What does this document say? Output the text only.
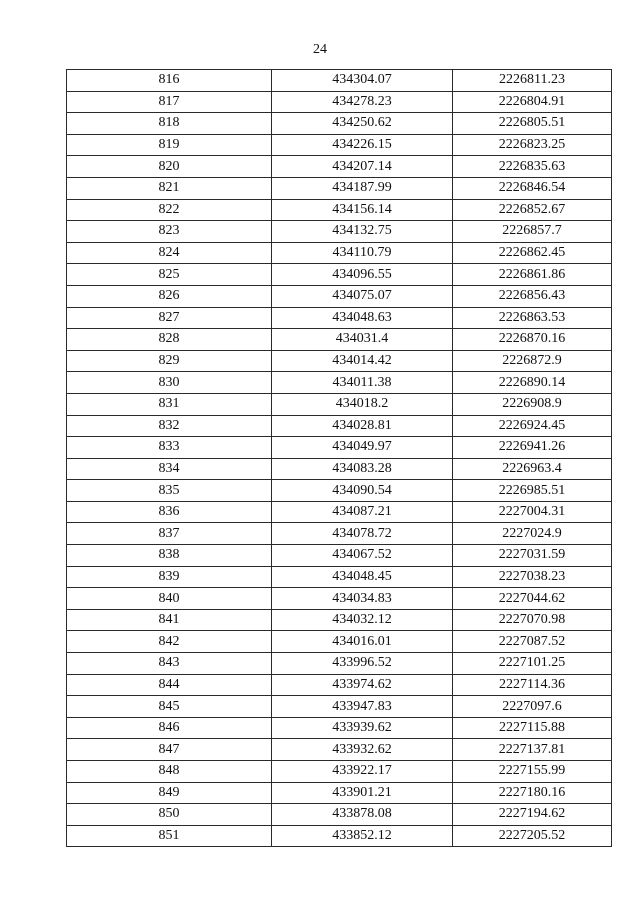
24
816	434304.07	2226811.23
817	434278.23	2226804.91
818	434250.62	2226805.51
819	434226.15	2226823.25
820	434207.14	2226835.63
821	434187.99	2226846.54
822	434156.14	2226852.67
823	434132.75	2226857.7
824	434110.79	2226862.45
825	434096.55	2226861.86
826	434075.07	2226856.43
827	434048.63	2226863.53
828	434031.4	2226870.16
829	434014.42	2226872.9
830	434011.38	2226890.14
831	434018.2	2226908.9
832	434028.81	2226924.45
833	434049.97	2226941.26
834	434083.28	2226963.4
835	434090.54	2226985.51
836	434087.21	2227004.31
837	434078.72	2227024.9
838	434067.52	2227031.59
839	434048.45	2227038.23
840	434034.83	2227044.62
841	434032.12	2227070.98
842	434016.01	2227087.52
843	433996.52	2227101.25
844	433974.62	2227114.36
845	433947.83	2227097.6
846	433939.62	2227115.88
847	433932.62	2227137.81
848	433922.17	2227155.99
849	433901.21	2227180.16
850	433878.08	2227194.62
851	433852.12	2227205.52
